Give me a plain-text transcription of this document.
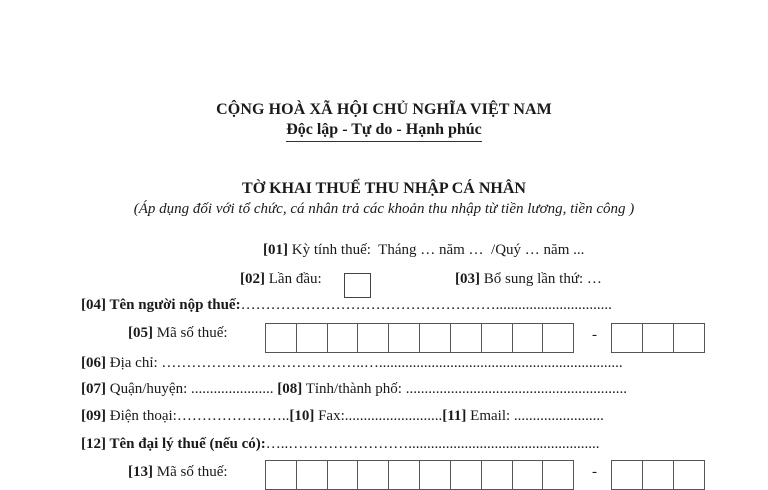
CỘNG HOÀ XÃ HỘI CHỦ NGHĨA VIỆT NAM
Độc lập - Tự do - Hạnh phúc
TỜ KHAI THUẾ THU NHẬP CÁ NHÂN
(Áp dụng đối với tổ chức, cá nhân trả các khoản thu nhập từ tiền lương, tiền công )
[01] Kỳ tính thuế:  Tháng … năm …  /Quý … năm ...
[02] Lần đầu:	[03] Bổ sung lần thứ: …
[04] Tên người nộp thuế:……………………………………………...............................
[05] Mã số thuế:	-
[06] Địa chỉ: …………………………………..….................................................................
[07] Quận/huyện: ...................... [08] Tỉnh/thành phố: ...........................................................
[09] Điện thoại:…………………..[10] Fax:..........................[11] Email: ........................
[12] Tên đại lý thuế (nếu có):…..……………………...................................................
[13] Mã số thuế:	-
